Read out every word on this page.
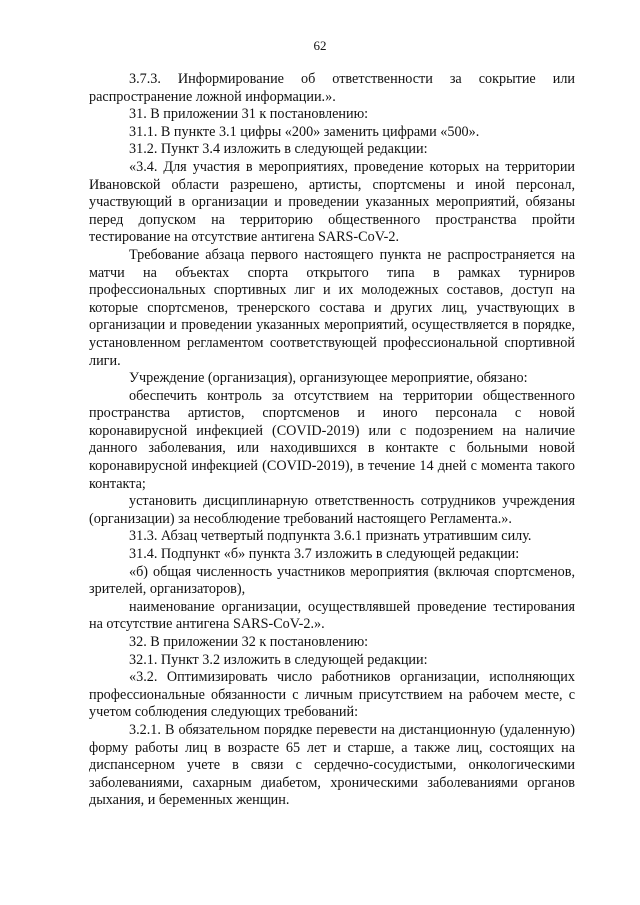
62

3.7.3. Информирование об ответственности за сокрытие или распространение ложной информации.».

31. В приложении 31 к постановлению:

31.1. В пункте 3.1 цифры «200» заменить цифрами «500».

31.2. Пункт 3.4 изложить в следующей редакции:

«3.4. Для участия в мероприятиях, проведение которых на территории Ивановской области разрешено, артисты, спортсмены и иной персонал, участвующий в организации и проведении указанных мероприятий, обязаны перед допуском на территорию общественного пространства пройти тестирование на отсутствие антигена SARS-CoV-2.

Требование абзаца первого настоящего пункта не распространяется на матчи на объектах спорта открытого типа в рамках турниров профессиональных спортивных лиг и их молодежных составов, доступ на которые спортсменов, тренерского состава и других лиц, участвующих в организации и проведении указанных мероприятий, осуществляется в порядке, установленном регламентом соответствующей профессиональной спортивной лиги.

Учреждение (организация), организующее мероприятие, обязано:

обеспечить контроль за отсутствием на территории общественного пространства артистов, спортсменов и иного персонала с новой коронавирусной инфекцией (COVID-2019) или с подозрением на наличие данного заболевания, или находившихся в контакте с больными новой коронавирусной инфекцией (COVID-2019), в течение 14 дней с момента такого контакта;

установить дисциплинарную ответственность сотрудников учреждения (организации) за несоблюдение требований настоящего Регламента.».

31.3. Абзац четвертый подпункта 3.6.1 признать утратившим силу.

31.4. Подпункт «б» пункта 3.7 изложить в следующей редакции:

«б) общая численность участников мероприятия (включая спортсменов, зрителей, организаторов),

наименование организации, осуществлявшей проведение тестирования на отсутствие антигена SARS-CoV-2.».

32. В приложении 32 к постановлению:

32.1. Пункт 3.2 изложить в следующей редакции:

«3.2. Оптимизировать число работников организации, исполняющих профессиональные обязанности с личным присутствием на рабочем месте, с учетом соблюдения следующих требований:

3.2.1. В обязательном порядке перевести на дистанционную (удаленную) форму работы лиц в возрасте 65 лет и старше, а также лиц, состоящих на диспансерном учете в связи с сердечно-сосудистыми, онкологическими заболеваниями, сахарным диабетом, хроническими заболеваниями органов дыхания, и беременных женщин.
